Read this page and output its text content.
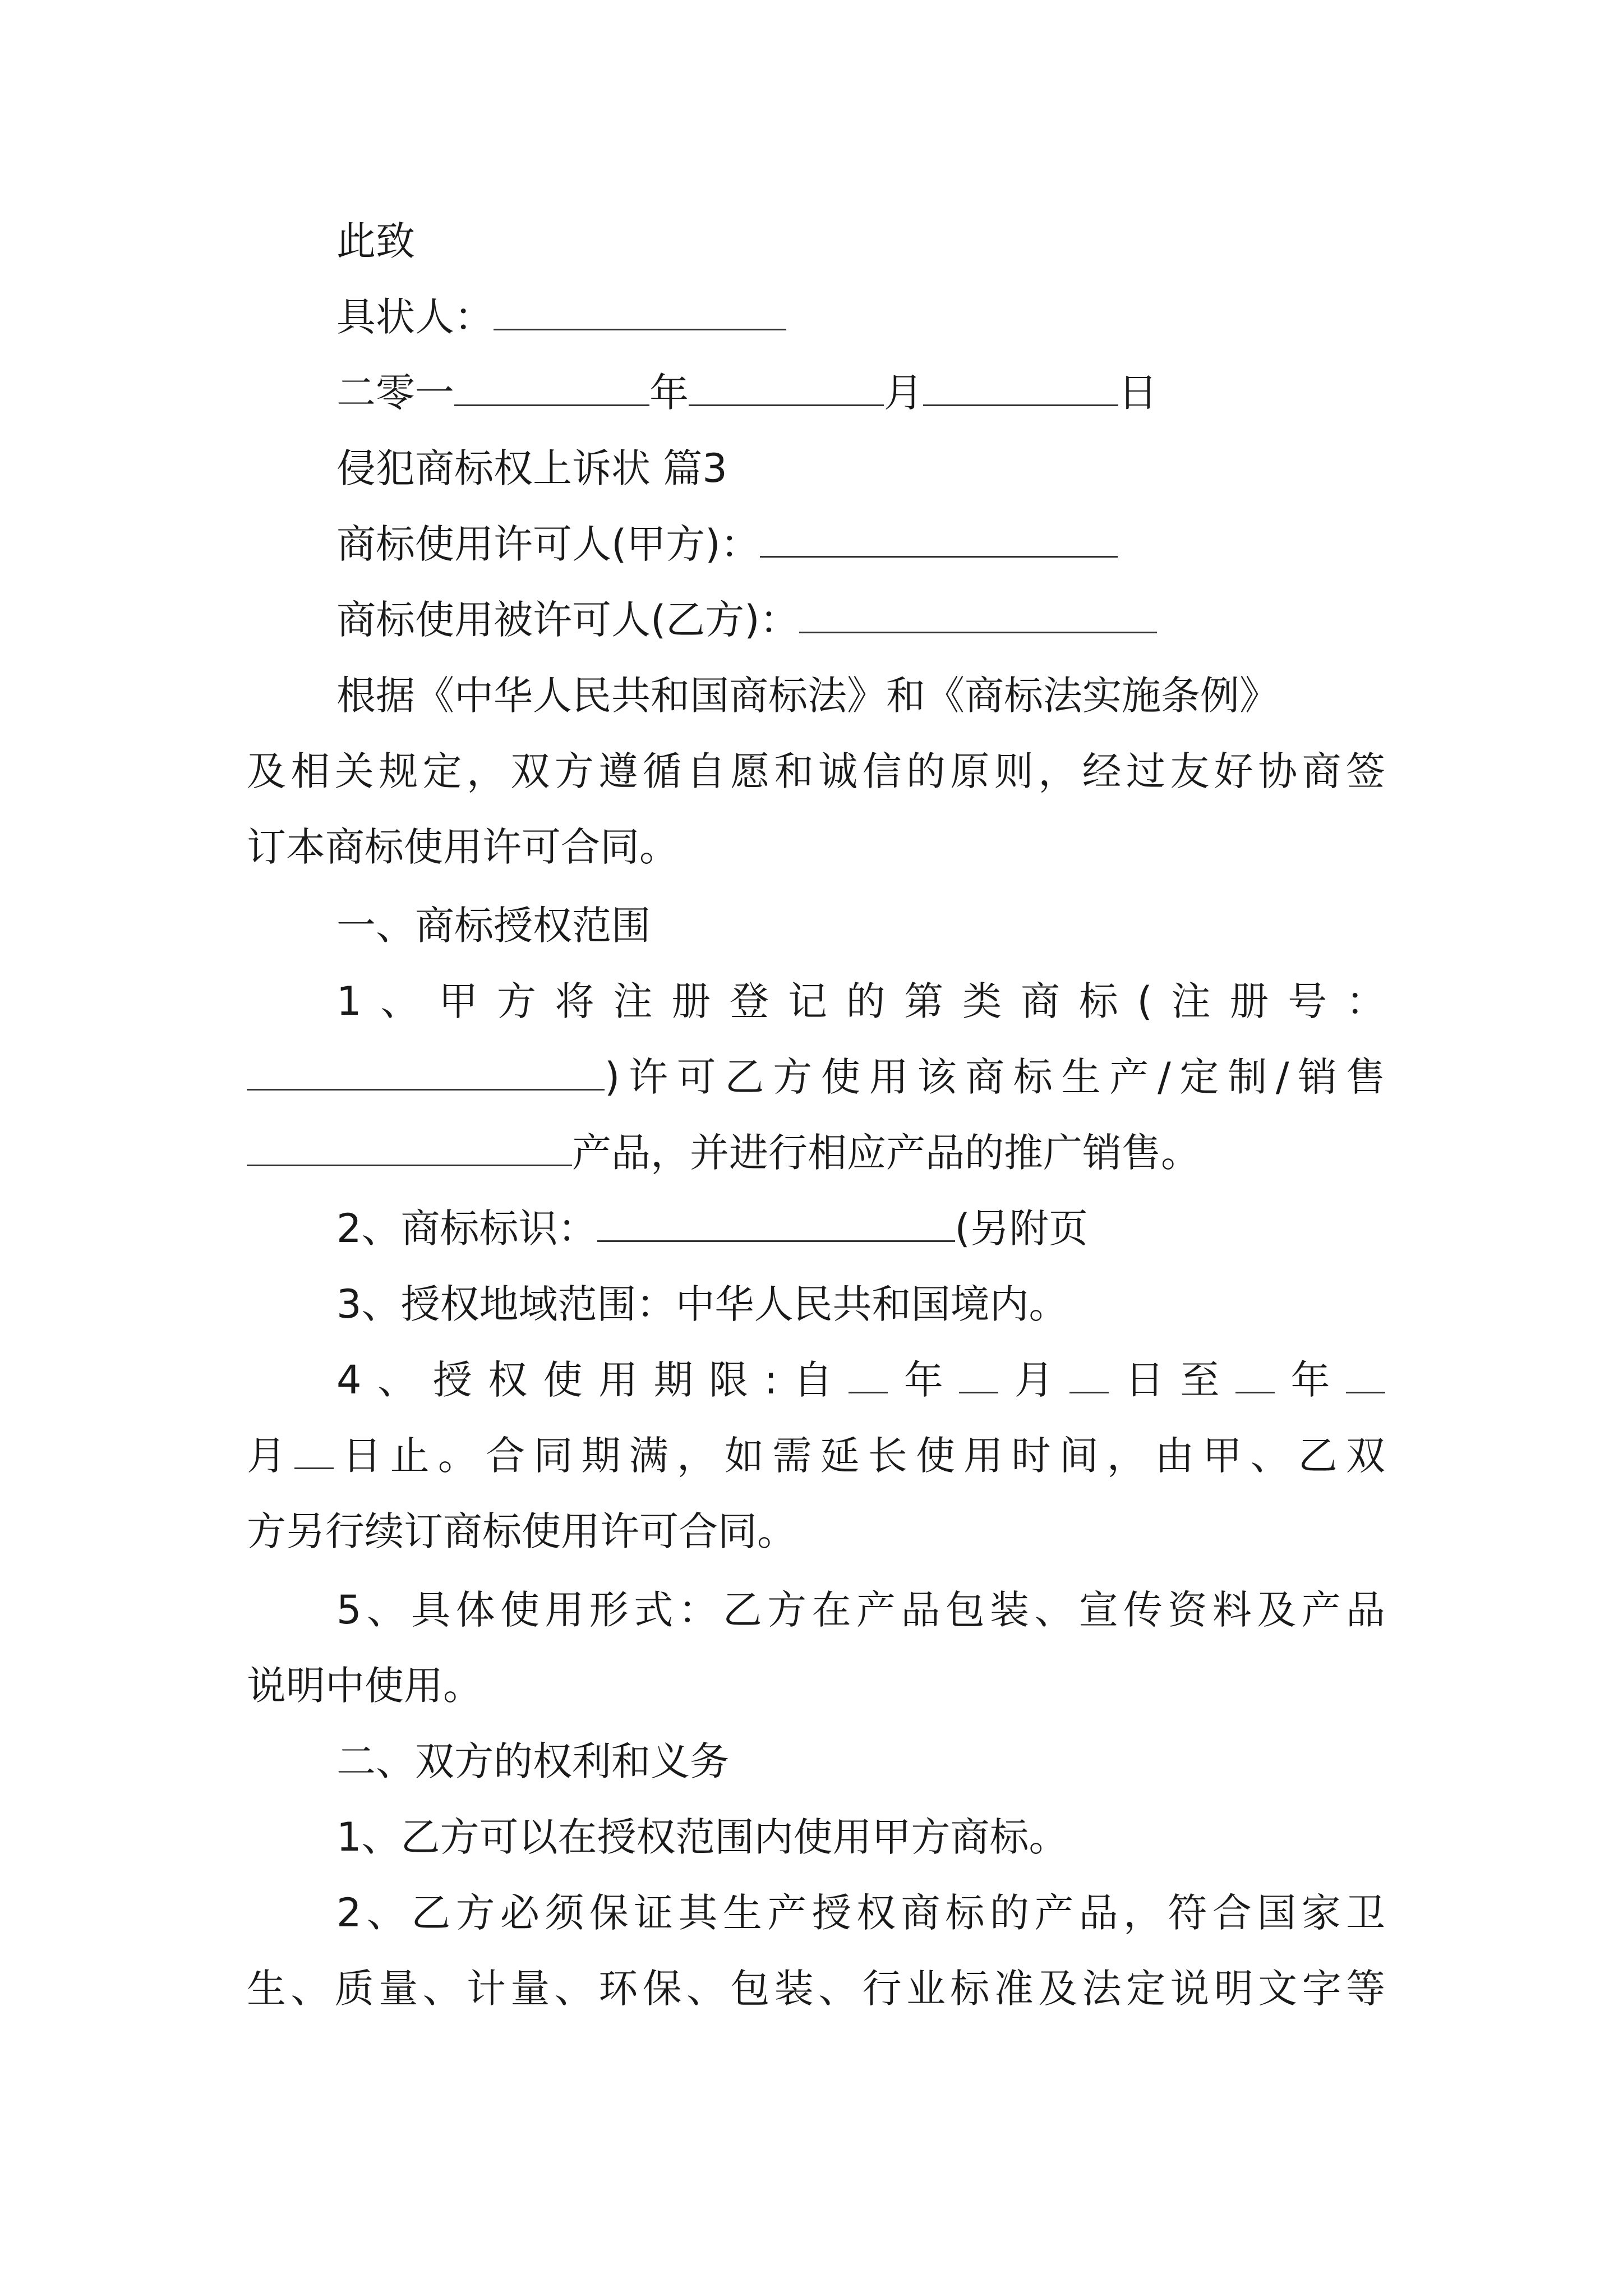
此致
具状人：
二零一	年	月	日
侵犯商标权上诉状 篇3
商标使用许可人(甲方)：
商标使用被许可人(乙方)：
根据《中华人民共和国商标法》和《商标法实施条例》
及相关规定，双方遵循自愿和诚信的原则，经过友好协商签
订本商标使用许可合同。
一、商标授权范围
1、甲方将注册登记的第类商标(注册号：
)许可乙方使用该商标生产/定制/销售
产品，并进行相应产品的推广销售。
2、商标标识：	(另附页
3、授权地域范围：中华人民共和国境内。
4、授权使用期限:自 年 月 日至 年
月 日止。合同期满，如需延长使用时间，由甲、乙双
方另行续订商标使用许可合同。
5、具体使用形式：乙方在产品包装、宣传资料及产品
说明中使用。
二、双方的权利和义务
1、乙方可以在授权范围内使用甲方商标。
2、乙方必须保证其生产授权商标的产品，符合国家卫
生、质量、计量、环保、包装、行业标准及法定说明文字等
